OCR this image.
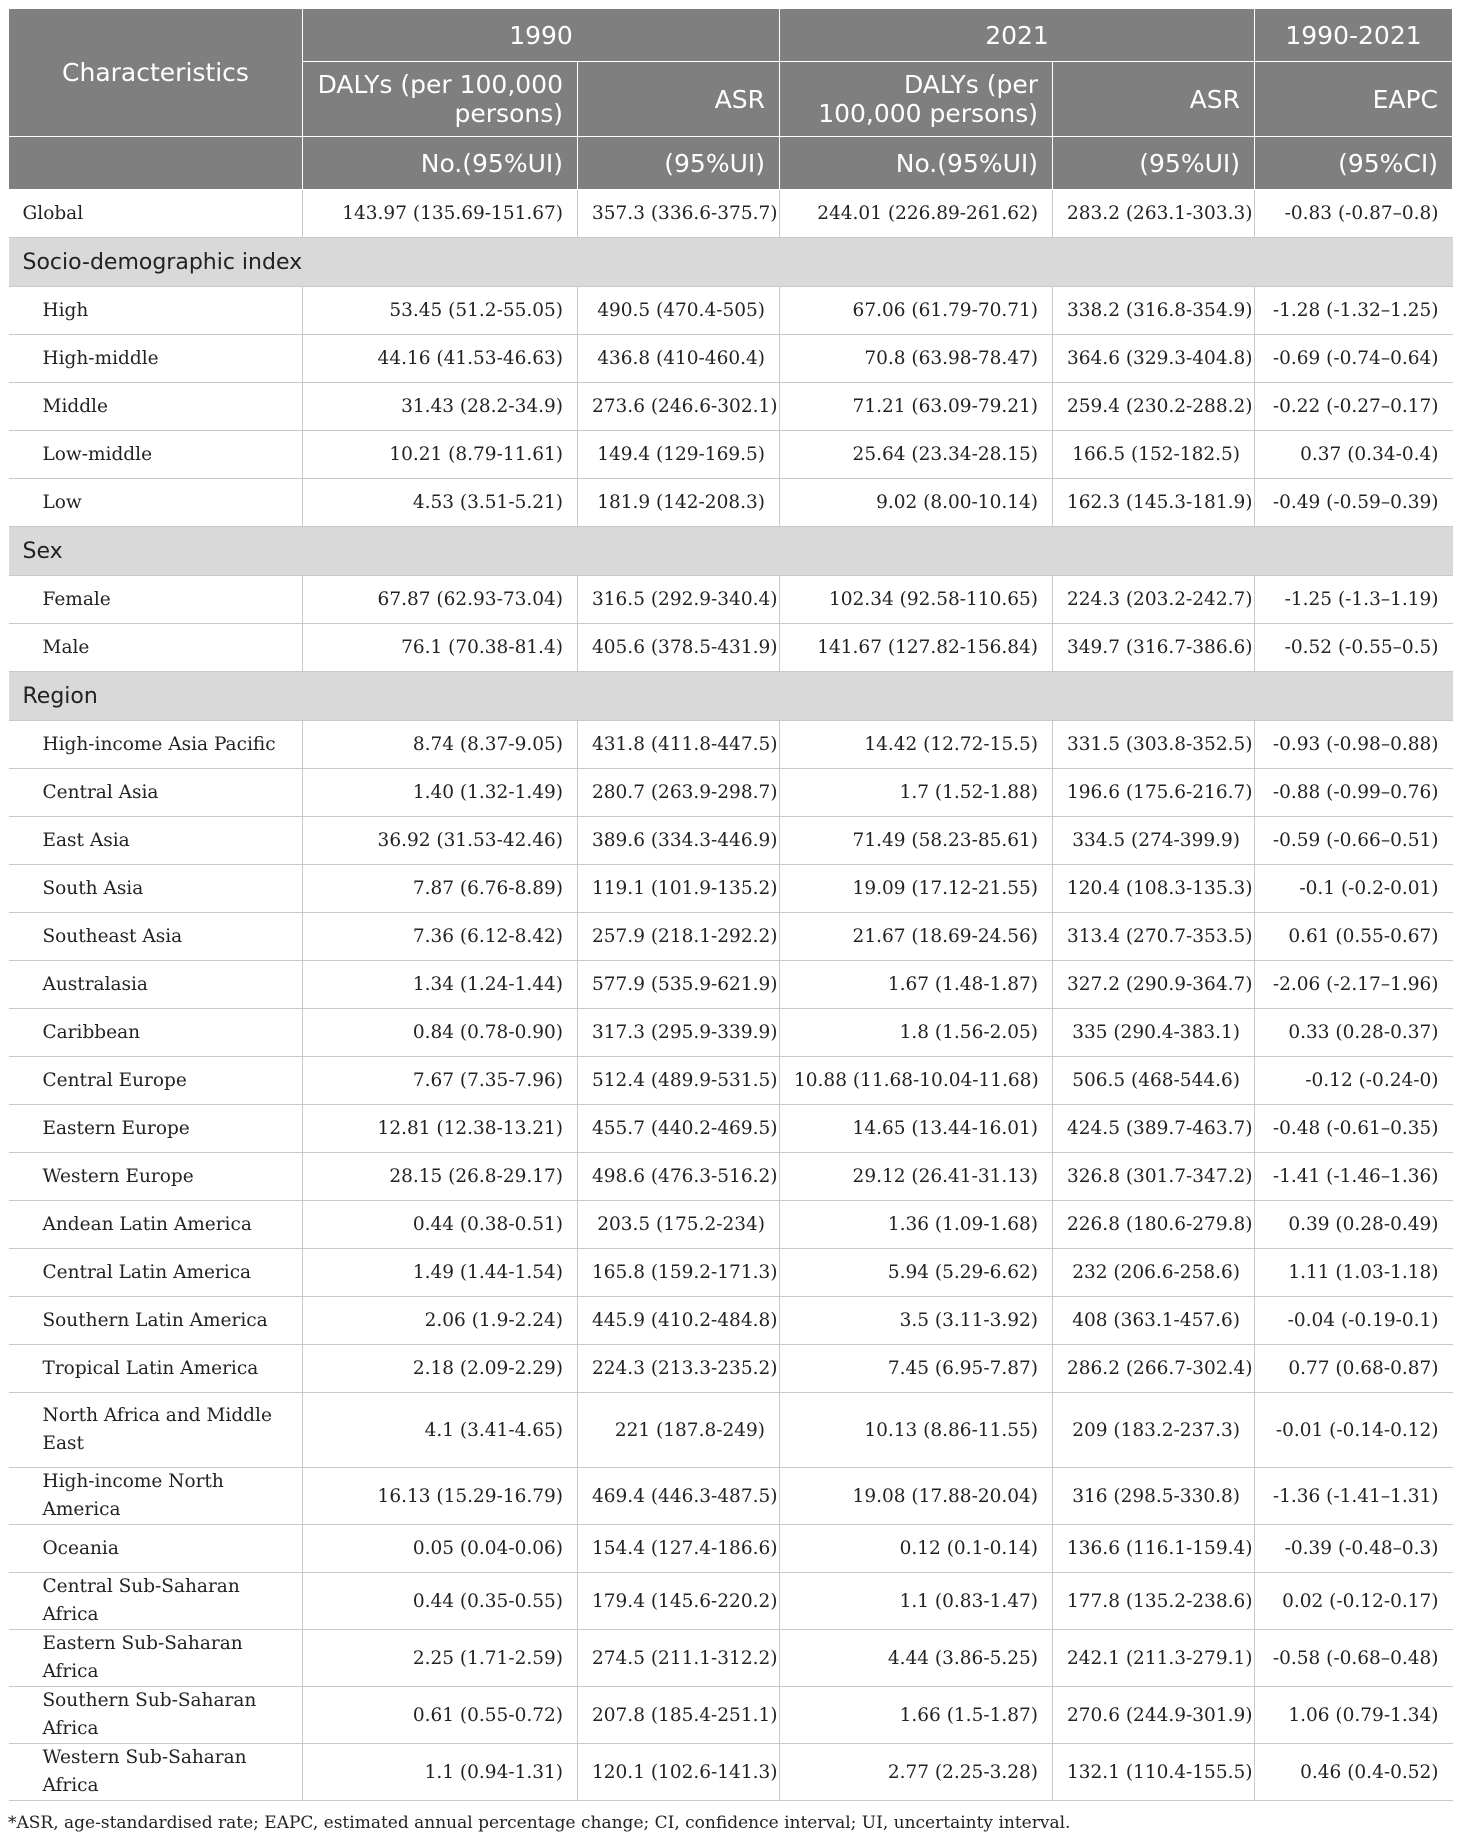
Characteristics	1990		2021		1990-2021
	DALYs (per 100,000 persons)	ASR	DALYs (per 100,000 persons)	ASR	EAPC
	No.(95%UI)	(95%UI)	No.(95%UI)	(95%UI)	(95%CI)
Global	143.97 (135.69-151.67)	357.3 (336.6-375.7)	244.01 (226.89-261.62)	283.2 (263.1-303.3)	-0.83 (-0.87–0.8)
Socio-demographic index					
High	53.45 (51.2-55.05)	490.5 (470.4-505)	67.06 (61.79-70.71)	338.2 (316.8-354.9)	-1.28 (-1.32–1.25)
High-middle	44.16 (41.53-46.63)	436.8 (410-460.4)	70.8 (63.98-78.47)	364.6 (329.3-404.8)	-0.69 (-0.74–0.64)
Middle	31.43 (28.2-34.9)	273.6 (246.6-302.1)	71.21 (63.09-79.21)	259.4 (230.2-288.2)	-0.22 (-0.27–0.17)
Low-middle	10.21 (8.79-11.61)	149.4 (129-169.5)	25.64 (23.34-28.15)	166.5 (152-182.5)	0.37 (0.34-0.4)
Low	4.53 (3.51-5.21)	181.9 (142-208.3)	9.02 (8.00-10.14)	162.3 (145.3-181.9)	-0.49 (-0.59–0.39)
Sex					
Female	67.87 (62.93-73.04)	316.5 (292.9-340.4)	102.34 (92.58-110.65)	224.3 (203.2-242.7)	-1.25 (-1.3–1.19)
Male	76.1 (70.38-81.4)	405.6 (378.5-431.9)	141.67 (127.82-156.84)	349.7 (316.7-386.6)	-0.52 (-0.55–0.5)
Region					
High-income Asia Pacific	8.74 (8.37-9.05)	431.8 (411.8-447.5)	14.42 (12.72-15.5)	331.5 (303.8-352.5)	-0.93 (-0.98–0.88)
Central Asia	1.40 (1.32-1.49)	280.7 (263.9-298.7)	1.7 (1.52-1.88)	196.6 (175.6-216.7)	-0.88 (-0.99–0.76)
East Asia	36.92 (31.53-42.46)	389.6 (334.3-446.9)	71.49 (58.23-85.61)	334.5 (274-399.9)	-0.59 (-0.66–0.51)
South Asia	7.87 (6.76-8.89)	119.1 (101.9-135.2)	19.09 (17.12-21.55)	120.4 (108.3-135.3)	-0.1 (-0.2-0.01)
Southeast Asia	7.36 (6.12-8.42)	257.9 (218.1-292.2)	21.67 (18.69-24.56)	313.4 (270.7-353.5)	0.61 (0.55-0.67)
Australasia	1.34 (1.24-1.44)	577.9 (535.9-621.9)	1.67 (1.48-1.87)	327.2 (290.9-364.7)	-2.06 (-2.17–1.96)
Caribbean	0.84 (0.78-0.90)	317.3 (295.9-339.9)	1.8 (1.56-2.05)	335 (290.4-383.1)	0.33 (0.28-0.37)
Central Europe	7.67 (7.35-7.96)	512.4 (489.9-531.5)	10.88 (11.68-10.04-11.68)	506.5 (468-544.6)	-0.12 (-0.24-0)
Eastern Europe	12.81 (12.38-13.21)	455.7 (440.2-469.5)	14.65 (13.44-16.01)	424.5 (389.7-463.7)	-0.48 (-0.61–0.35)
Western Europe	28.15 (26.8-29.17)	498.6 (476.3-516.2)	29.12 (26.41-31.13)	326.8 (301.7-347.2)	-1.41 (-1.46–1.36)
Andean Latin America	0.44 (0.38-0.51)	203.5 (175.2-234)	1.36 (1.09-1.68)	226.8 (180.6-279.8)	0.39 (0.28-0.49)
Central Latin America	1.49 (1.44-1.54)	165.8 (159.2-171.3)	5.94 (5.29-6.62)	232 (206.6-258.6)	1.11 (1.03-1.18)
Southern Latin America	2.06 (1.9-2.24)	445.9 (410.2-484.8)	3.5 (3.11-3.92)	408 (363.1-457.6)	-0.04 (-0.19-0.1)
Tropical Latin America	2.18 (2.09-2.29)	224.3 (213.3-235.2)	7.45 (6.95-7.87)	286.2 (266.7-302.4)	0.77 (0.68-0.87)
North Africa and Middle East	4.1 (3.41-4.65)	221 (187.8-249)	10.13 (8.86-11.55)	209 (183.2-237.3)	-0.01 (-0.14-0.12)
High-income North America	16.13 (15.29-16.79)	469.4 (446.3-487.5)	19.08 (17.88-20.04)	316 (298.5-330.8)	-1.36 (-1.41–1.31)
Oceania	0.05 (0.04-0.06)	154.4 (127.4-186.6)	0.12 (0.1-0.14)	136.6 (116.1-159.4)	-0.39 (-0.48–0.3)
Central Sub-Saharan Africa	0.44 (0.35-0.55)	179.4 (145.6-220.2)	1.1 (0.83-1.47)	177.8 (135.2-238.6)	0.02 (-0.12-0.17)
Eastern Sub-Saharan Africa	2.25 (1.71-2.59)	274.5 (211.1-312.2)	4.44 (3.86-5.25)	242.1 (211.3-279.1)	-0.58 (-0.68–0.48)
Southern Sub-Saharan Africa	0.61 (0.55-0.72)	207.8 (185.4-251.1)	1.66 (1.5-1.87)	270.6 (244.9-301.9)	1.06 (0.79-1.34)
Western Sub-Saharan Africa	1.1 (0.94-1.31)	120.1 (102.6-141.3)	2.77 (2.25-3.28)	132.1 (110.4-155.5)	0.46 (0.4-0.52)
*ASR, age-standardised rate; EAPC, estimated annual percentage change; CI, confidence interval; UI, uncertainty interval.
